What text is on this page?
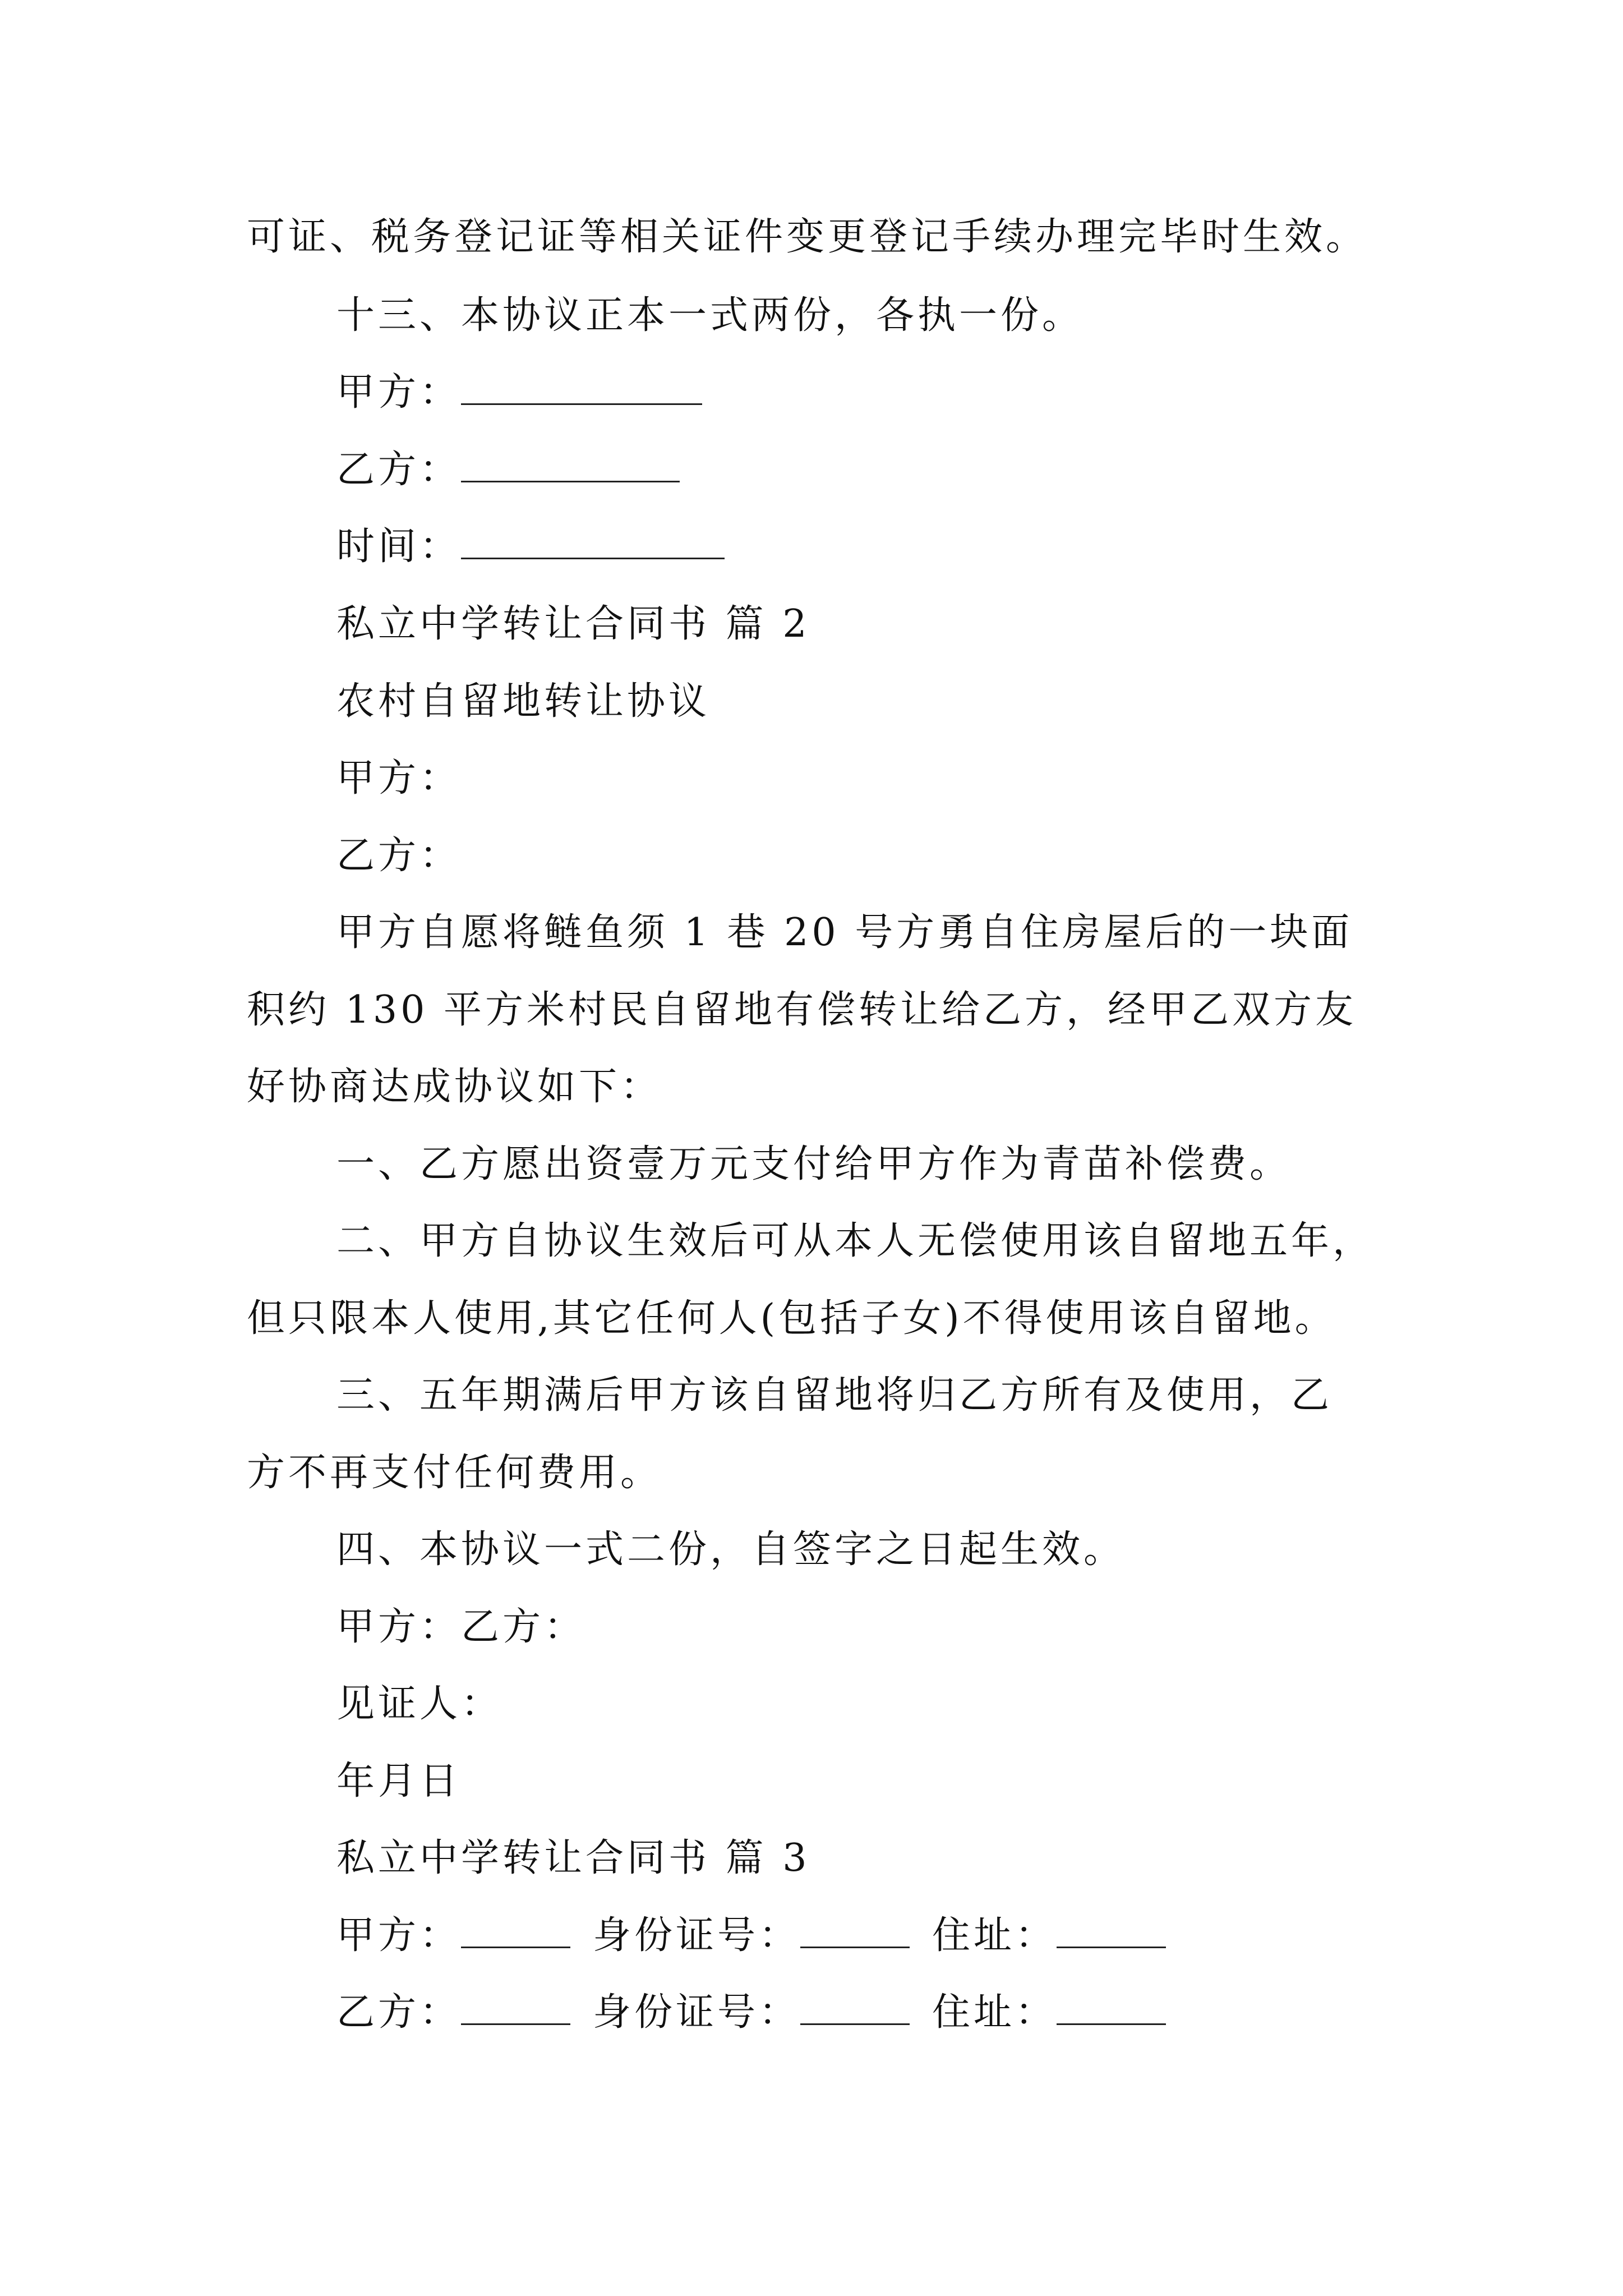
可证、税务登记证等相关证件变更登记手续办理完毕时生效。
十三、本协议正本一式两份，各执一份。
甲方：
乙方：
时间：
私立中学转让合同书 篇 2
农村自留地转让协议
甲方：
乙方：
甲方自愿将鲢鱼须 1 巷 20 号方勇自住房屋后的一块面
积约 130 平方米村民自留地有偿转让给乙方，经甲乙双方友
好协商达成协议如下：
一、乙方愿出资壹万元支付给甲方作为青苗补偿费。
二、甲方自协议生效后可从本人无偿使用该自留地五年，
但只限本人使用,其它任何人(包括子女)不得使用该自留地。
三、五年期满后甲方该自留地将归乙方所有及使用，乙
方不再支付任何费用。
四、本协议一式二份，自签字之日起生效。
甲方：乙方：
见证人：
年月日
私立中学转让合同书 篇 3
甲方：	身份证号：	住址：
乙方：	身份证号：	住址：
